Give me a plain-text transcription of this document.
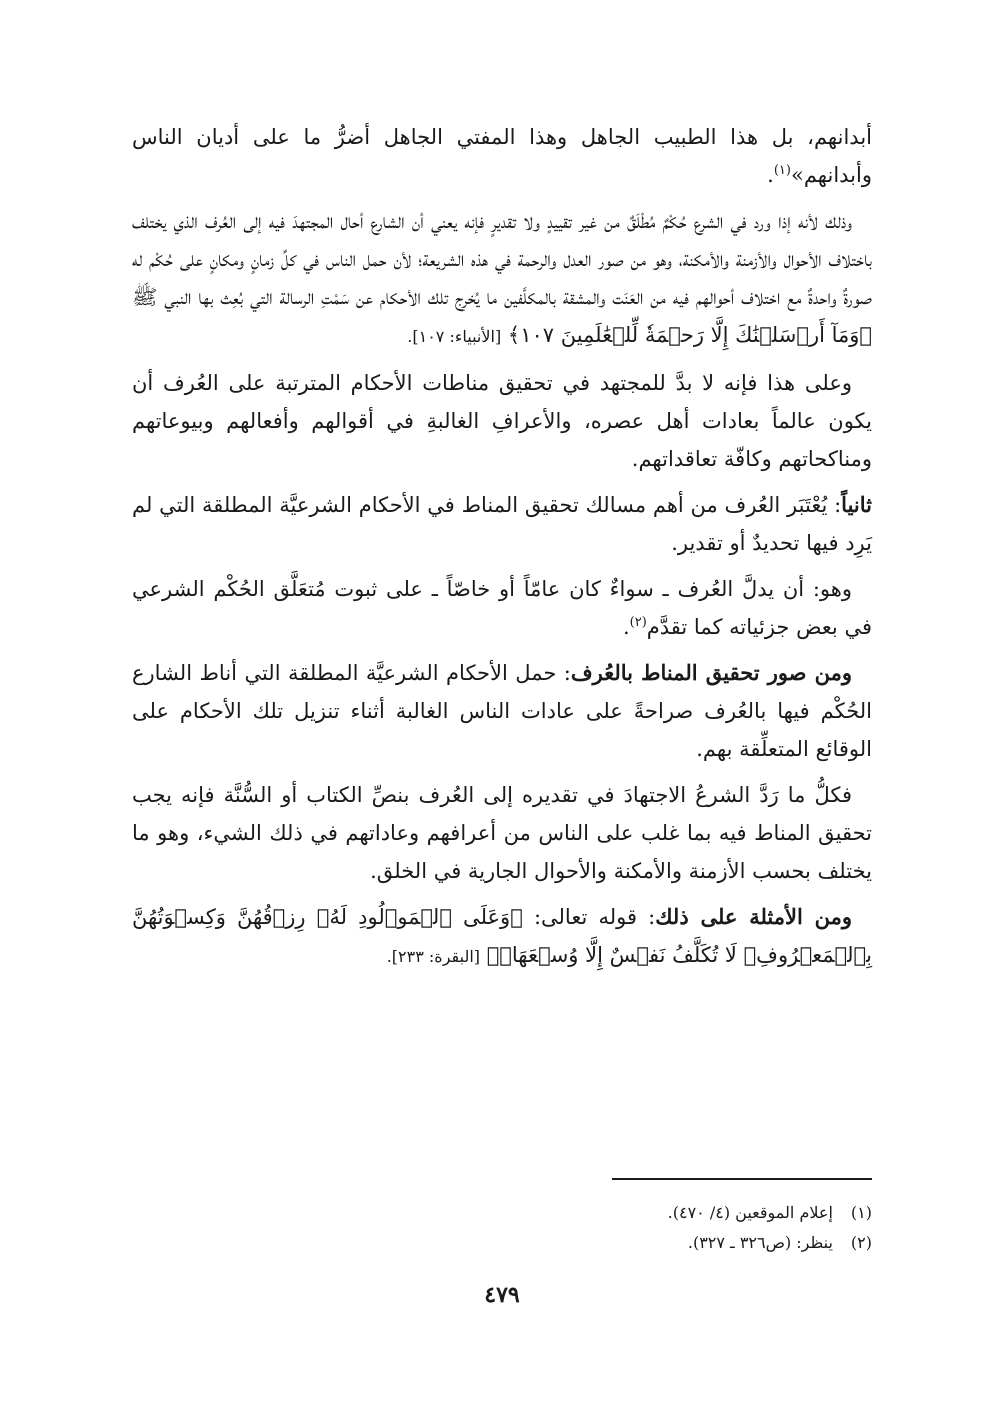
أبدانهم، بل هذا الطبيب الجاهل وهذا المفتي الجاهل أضرُّ ما على أديان الناس وأبدانهم»$^{(١)}$.

وذلك لأنه إذا ورد في الشرع حُكْمٌ مُطْلَقٌ من غير تقييدٍ ولا تقديرٍ فإنه يعني أن الشارع أحال المجتهدَ فيه إلى العُرف الذي يختلف باختلاف الأحوال والأزمنة والأمكنة، وهو من صور العدل والرحمة في هذه الشريعة؛ لأن حمل الناس في كلِّ زمانٍ ومكانٍ على حُكْم له صورةٌ واحدةٌ مع اختلاف أحوالهم فيه من العَنَت والمشقة بالمكلَّفين ما يُخرِج تلك الأحكام عن سَمْتِ الرسالة التي بُعِث بها النبي ﷺ ﴿وَمَآ أَرۡسَلۡنَٰكَ إِلَّا رَحۡمَةٗ لِّلۡعَٰلَمِينَ ١٠٧﴾ [الأنبياء: ١٠٧].

وعلى هذا فإنه لا بدَّ للمجتهد في تحقيق مناطات الأحكام المترتبة على العُرف أن يكون عالماً بعادات أهل عصره، والأعرافِ الغالبةِ في أقوالهم وأفعالهم وبيوعاتهم ومناكحاتهم وكافّة تعاقداتهم.

ثانياً: يُعْتَبَر العُرف من أهم مسالك تحقيق المناط في الأحكام الشرعيَّة المطلقة التي لم يَرِد فيها تحديدٌ أو تقدير.

وهو: أن يدلَّ العُرف ـ سواءٌ كان عامّاً أو خاصّاً ـ على ثبوت مُتعَلَّق الحُكْم الشرعي في بعض جزئياته كما تقدَّم$^{(٢)}$.

ومن صور تحقيق المناط بالعُرف: حمل الأحكام الشرعيَّة المطلقة التي أناط الشارع الحُكْم فيها بالعُرف صراحةً على عادات الناس الغالبة أثناء تنزيل تلك الأحكام على الوقائع المتعلِّقة بهم.

فكلُّ ما رَدَّ الشرعُ الاجتهادَ في تقديره إلى العُرف بنصِّ الكتاب أو السُّنَّة فإنه يجب تحقيق المناط فيه بما غلب على الناس من أعرافهم وعاداتهم في ذلك الشيء، وهو ما يختلف بحسب الأزمنة والأمكنة والأحوال الجارية في الخلق.

ومن الأمثلة على ذلك: قوله تعالى: ﴿وَعَلَى ٱلۡمَوۡلُودِ لَهُۥ رِزۡقُهُنَّ وَكِسۡوَتُهُنَّ بِٱلۡمَعۡرُوفِۚ لَا تُكَلَّفُ نَفۡسٌ إِلَّا وُسۡعَهَاۚ﴾ [البقرة: ٢٣٣].

(١)
إعلام الموقعين (٤/ ٤٧٠).
(٢)
ينظر: (ص٣٢٦ ـ ٣٢٧).
٤٧٩
